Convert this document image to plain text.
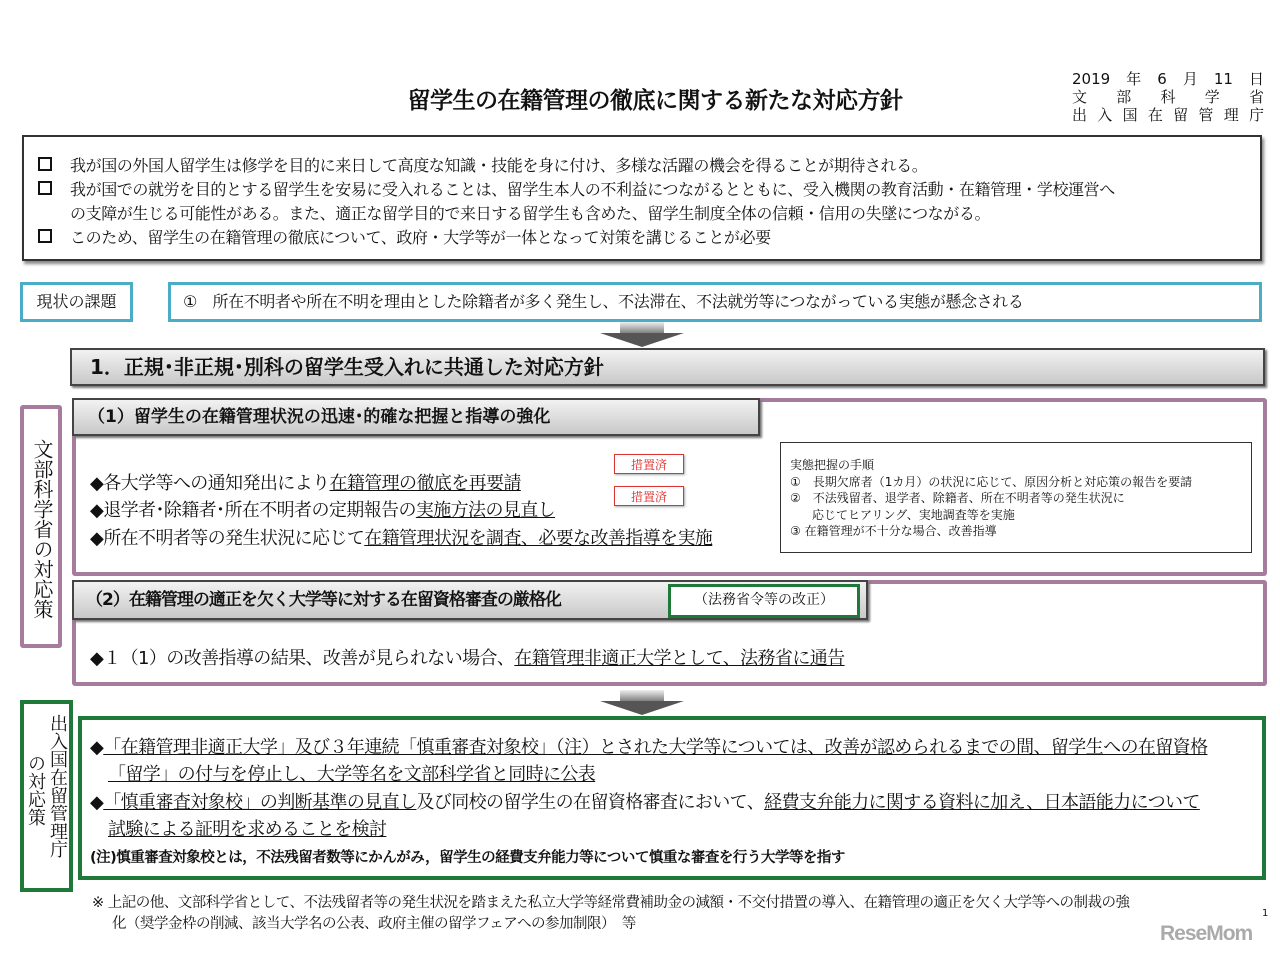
留学生の在籍管理の徹底に関する新たな対応方針
2019年6月11日
文部科学省
出入国在留管理庁
我が国の外国人留学生は修学を目的に来日して高度な知識・技能を身に付け、多様な活躍の機会を得ることが期待される。
我が国での就労を目的とする留学生を安易に受入れることは、留学生本人の不利益につながるとともに、受入機関の教育活動・在籍管理・学校運営へ
の支障が生じる可能性がある。また、適正な留学目的で来日する留学生も含めた、留学生制度全体の信頼・信用の失墜につながる。
このため、留学生の在籍管理の徹底について、政府・大学等が一体となって対策を講じることが必要
現状の課題	①　所在不明者や所在不明を理由とした除籍者が多く発生し、不法滞在、不法就労等につながっている実態が懸念される
1．正規･非正規･別科の留学生受入れに共通した対応方針
文部科学省の対応策
（1）留学生の在籍管理状況の迅速･的確な把握と指導の強化
◆各大学等への通知発出により在籍管理の徹底を再要請
◆退学者･除籍者･所在不明者の定期報告の実施方法の見直し
◆所在不明者等の発生状況に応じて在籍管理状況を調査、必要な改善指導を実施
措置済
措置済
実態把握の手順
①　長期欠席者（1カ月）の状況に応じて、原因分析と対応策の報告を要請
②　不法残留者、退学者、除籍者、所在不明者等の発生状況に
応じてヒアリング、実地調査等を実施
③ 在籍管理が不十分な場合、改善指導
（2）在籍管理の適正を欠く大学等に対する在留資格審査の厳格化	（法務省令等の改正）
◆１（1）の改善指導の結果、改善が見られない場合、在籍管理非適正大学として、法務省に通告
出入国在留管理庁
の対応策
◆「在籍管理非適正大学」及び３年連続「慎重審査対象校」（注）とされた大学等については、改善が認められるまでの間、留学生への在留資格
「留学」の付与を停止し、大学等名を文部科学省と同時に公表
◆「慎重審査対象校」の判断基準の見直し及び同校の留学生の在留資格審査において、経費支弁能力に関する資料に加え、日本語能力について
試験による証明を求めることを検討
(注)慎重審査対象校とは，不法残留者数等にかんがみ，留学生の経費支弁能力等について慎重な審査を行う大学等を指す
※ 上記の他、文部科学省として、不法残留者等の発生状況を踏まえた私立大学等経常費補助金の減額・不交付措置の導入、在籍管理の適正を欠く大学等への制裁の強
化（奨学金枠の削減、該当大学名の公表、政府主催の留学フェアへの参加制限）　等
1
ReseMom
